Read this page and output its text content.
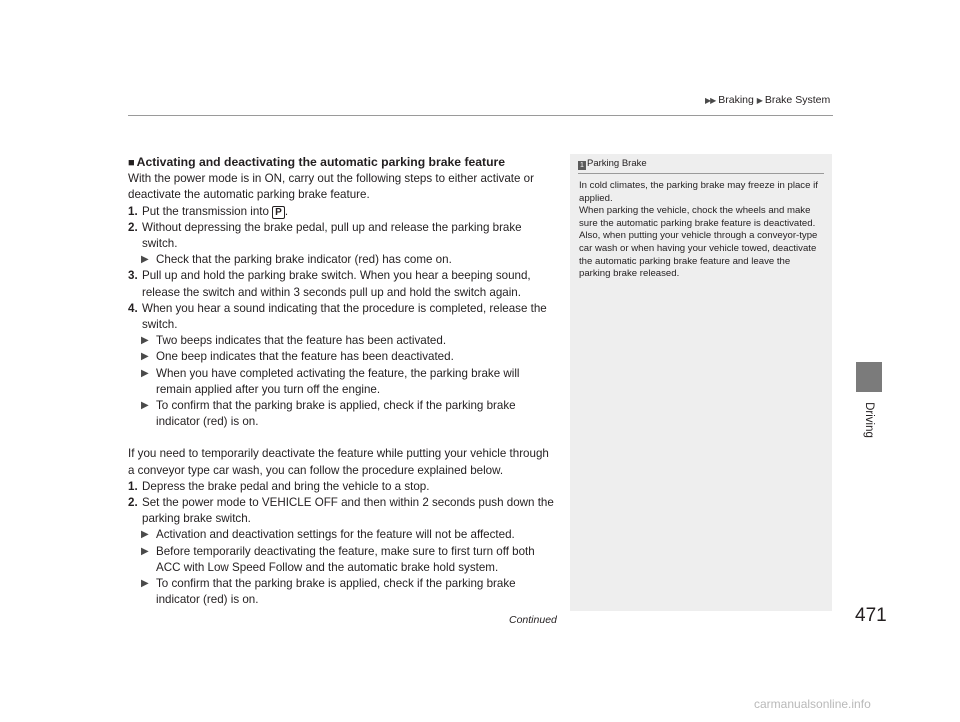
▶▶ Braking ▶ Brake System
Driving
■ Activating and deactivating the automatic parking brake feature

With the power mode is in ON, carry out the following steps to either activate or deactivate the automatic parking brake feature.

1. Put the transmission into P .
2. Without depressing the brake pedal, pull up and release the parking brake switch.
▶ Check that the parking brake indicator (red) has come on.
3. Pull up and hold the parking brake switch. When you hear a beeping sound, release the switch and within 3 seconds pull up and hold the switch again.
4. When you hear a sound indicating that the procedure is completed, release the switch.
▶ Two beeps indicates that the feature has been activated.
▶ One beep indicates that the feature has been deactivated.
▶ When you have completed activating the feature, the parking brake will remain applied after you turn off the engine.
▶ To confirm that the parking brake is applied, check if the parking brake indicator (red) is on.

If you need to temporarily deactivate the feature while putting your vehicle through a conveyor type car wash, you can follow the procedure explained below.

1. Depress the brake pedal and bring the vehicle to a stop.
2. Set the power mode to VEHICLE OFF and then within 2 seconds push down the parking brake switch.
▶ Activation and deactivation settings for the feature will not be affected.
▶ Before temporarily deactivating the feature, make sure to first turn off both ACC with Low Speed Follow and the automatic brake hold system.
▶ To confirm that the parking brake is applied, check if the parking brake indicator (red) is on.
1 Parking Brake
In cold climates, the parking brake may freeze in place if applied.
When parking the vehicle, chock the wheels and make sure the automatic parking brake feature is deactivated.
Also, when putting your vehicle through a conveyor-type car wash or when having your vehicle towed, deactivate the automatic parking brake feature and leave the parking brake released.
Continued	471
carmanualsonline.info
